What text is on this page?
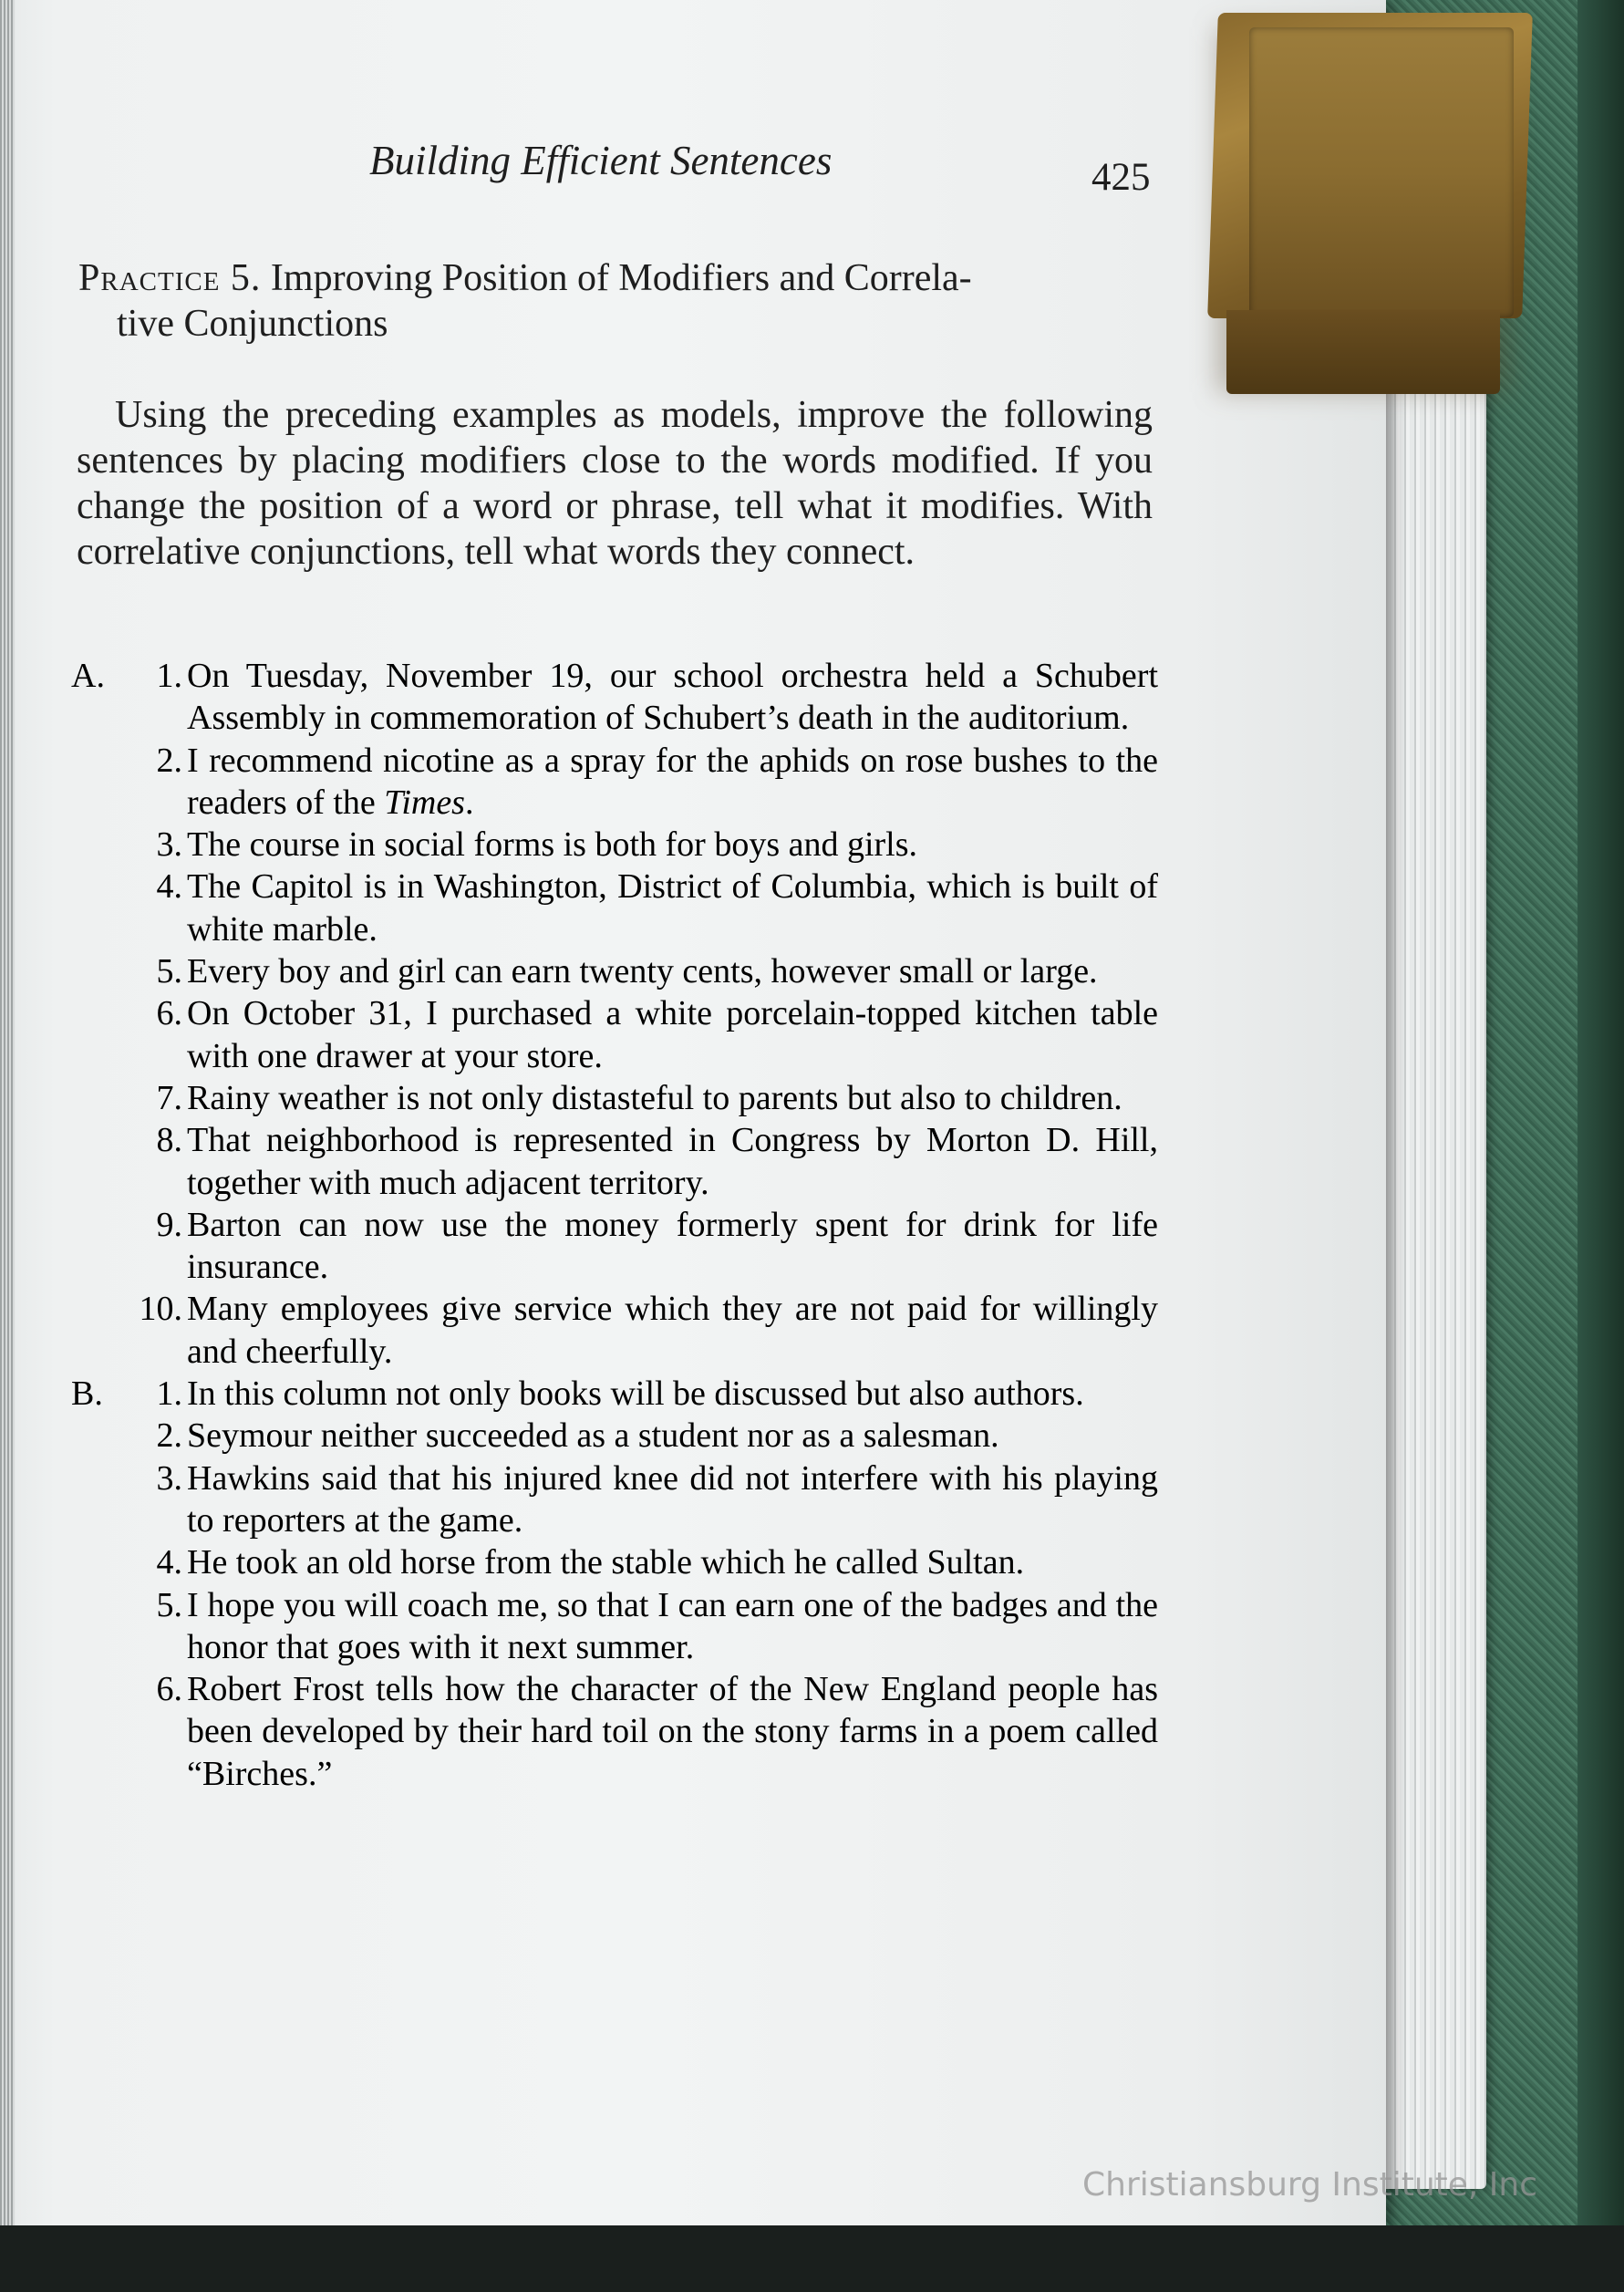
Building Efficient Sentences	425
Practice 5. Improving Position of Modifiers and Correla-
tive Conjunctions

Using the preceding examples as models, improve the following sentences by placing modifiers close to the words modified. If you change the position of a word or phrase, tell what it modifies. With correlative conjunctions, tell what words they connect.

A.	1. On Tuesday, November 19, our school orchestra held a Schubert Assembly in commemoration of Schubert’s death in the auditorium.
2. I recommend nicotine as a spray for the aphids on rose bushes to the readers of the Times.
3. The course in social forms is both for boys and girls.
4. The Capitol is in Washington, District of Columbia, which is built of white marble.
5. Every boy and girl can earn twenty cents, however small or large.
6. On October 31, I purchased a white porcelain-topped kitchen table with one drawer at your store.
7. Rainy weather is not only distasteful to parents but also to children.
8. That neighborhood is represented in Congress by Morton D. Hill, together with much adjacent territory.
9. Barton can now use the money formerly spent for drink for life insurance.
10. Many employees give service which they are not paid for willingly and cheerfully.
B.	1. In this column not only books will be discussed but also authors.
2. Seymour neither succeeded as a student nor as a salesman.
3. Hawkins said that his injured knee did not interfere with his playing to reporters at the game.
4. He took an old horse from the stable which he called Sultan.
5. I hope you will coach me, so that I can earn one of the badges and the honor that goes with it next summer.
6. Robert Frost tells how the character of the New England people has been developed by their hard toil on the stony farms in a poem called “Birches.”
Christiansburg Institute, Inc
